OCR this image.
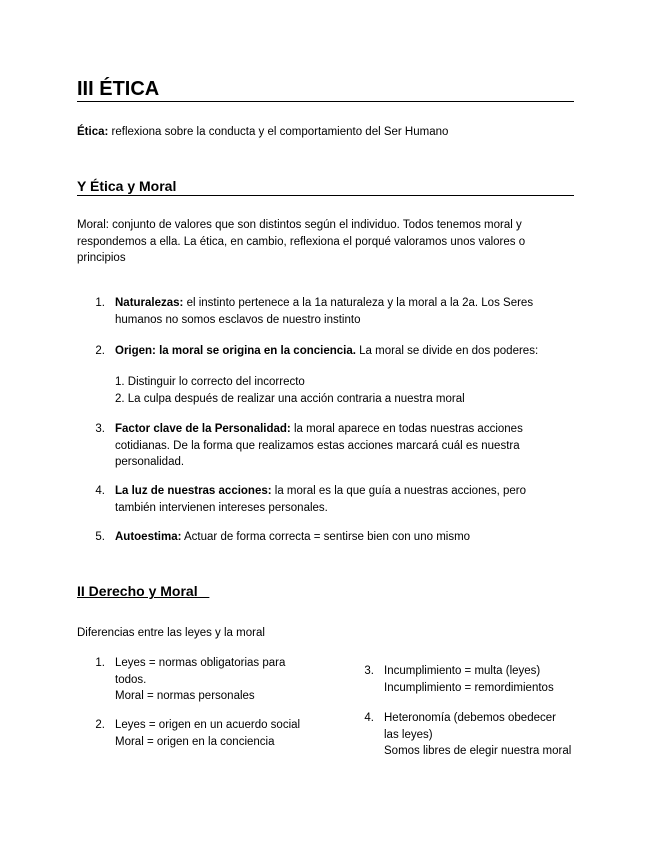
III ÉTICA
Ética: reflexiona sobre la conducta y el comportamiento del Ser Humano
Y Ética y Moral
Moral: conjunto de valores que son distintos según el individuo. Todos tenemos moral y respondemos a ella. La ética, en cambio, reflexiona el porqué valoramos unos valores o principios
1. Naturalezas: el instinto pertenece a la 1a naturaleza y la moral a la 2a. Los Seres
humanos no somos esclavos de nuestro instinto
2. Origen: la moral se origina en la conciencia. La moral se divide en dos poderes:
1. Distinguir lo correcto del incorrecto
2. La culpa después de realizar una acción contraria a nuestra moral
3. Factor clave de la Personalidad: la moral aparece en todas nuestras acciones
cotidianas. De la forma que realizamos estas acciones marcará cuál es nuestra
personalidad.
4. La luz de nuestras acciones: la moral es la que guía a nuestras acciones, pero
también intervienen intereses personales.
5. Autoestima: Actuar de forma correcta = sentirse bien con uno mismo
II Derecho y Moral _
Diferencias entre las leyes y la moral
1. Leyes = normas obligatorias para
todos.
Moral = normas personales
2. Leyes = origen en un acuerdo social
Moral = origen en la conciencia
3. Incumplimiento = multa (leyes)
Incumplimiento = remordimientos
4. Heteronomía (debemos obedecer
las leyes)
Somos libres de elegir nuestra moral
